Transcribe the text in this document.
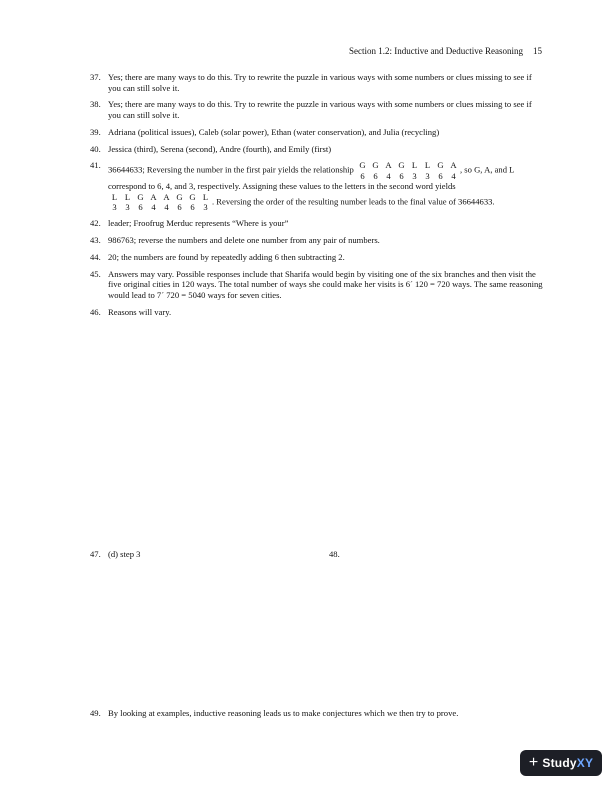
Section 1.2: Inductive and Deductive Reasoning 15
37. Yes; there are many ways to do this. Try to rewrite the puzzle in various ways with some numbers or clues missing to see if you can still solve it.
38. Yes; there are many ways to do this. Try to rewrite the puzzle in various ways with some numbers or clues missing to see if you can still solve it.
39. Adriana (political issues), Caleb (solar power), Ethan (water conservation), and Julia (recycling)
40. Jessica (third), Serena (second), Andre (fourth), and Emily (first)
41. 36644633; Reversing the number in the first pair yields the relationship G G A G L L G A
6 6 4 6 3 3 6 4
, so G, A, and L correspond to 6, 4, and 3, respectively. Assigning these values to the letters in the second word yields
L L G A A G G L
3 3 6 4 4 6 6 3
. Reversing the order of the resulting number leads to the final value of 36644633.
42. leader; Froofrug Merduc represents “Where is your”
43. 986763; reverse the numbers and delete one number from any pair of numbers.
44. 20; the numbers are found by repeatedly adding 6 then subtracting 2.
45. Answers may vary. Possible responses include that Sharifa would begin by visiting one of the six branches and then visit the five original cities in 120 ways. The total number of ways she could make her visits is 6´ 120 = 720 ways. The same reasoning would lead to 7´ 720 = 5040 ways for seven cities.
46. Reasons will vary.
47. (d) step 3	48.
49. By looking at examples, inductive reasoning leads us to make conjectures which we then try to prove.
+ Study XY
